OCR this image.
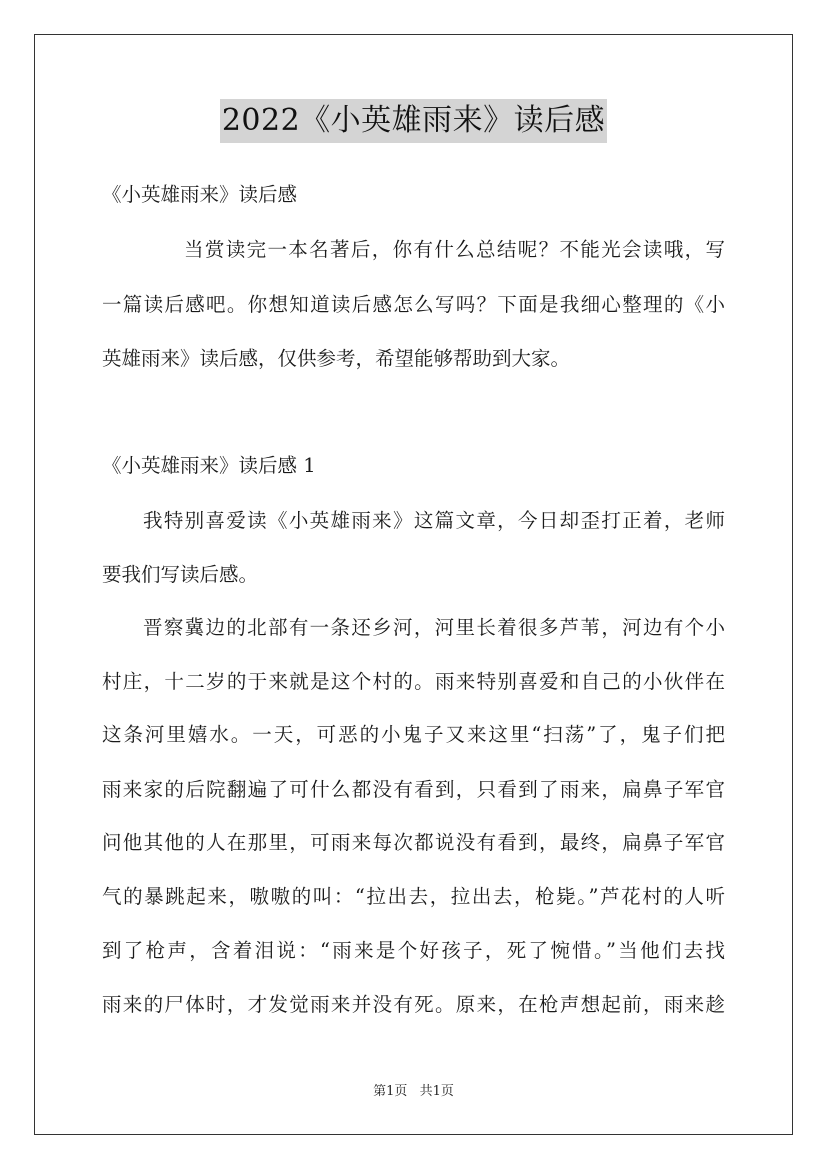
2022《小英雄雨来》读后感
《小英雄雨来》读后感
当赏读完一本名著后，你有什么总结呢？不能光会读哦，写
一篇读后感吧。你想知道读后感怎么写吗？下面是我细心整理的《小
英雄雨来》读后感，仅供参考，希望能够帮助到大家。
《小英雄雨来》读后感 1
我特别喜爱读《小英雄雨来》这篇文章，今日却歪打正着，老师
要我们写读后感。
晋察冀边的北部有一条还乡河，河里长着很多芦苇，河边有个小
村庄，十二岁的于来就是这个村的。雨来特别喜爱和自己的小伙伴在
这条河里嬉水。一天，可恶的小鬼子又来这里“扫荡”了，鬼子们把
雨来家的后院翻遍了可什么都没有看到，只看到了雨来，扁鼻子军官
问他其他的人在那里，可雨来每次都说没有看到，最终，扁鼻子军官
气的暴跳起来，嗷嗷的叫：“拉出去，拉出去，枪毙。”芦花村的人听
到了枪声，含着泪说：“雨来是个好孩子，死了惋惜。”当他们去找
雨来的尸体时，才发觉雨来并没有死。原来，在枪声想起前，雨来趁
第1页 共1页
